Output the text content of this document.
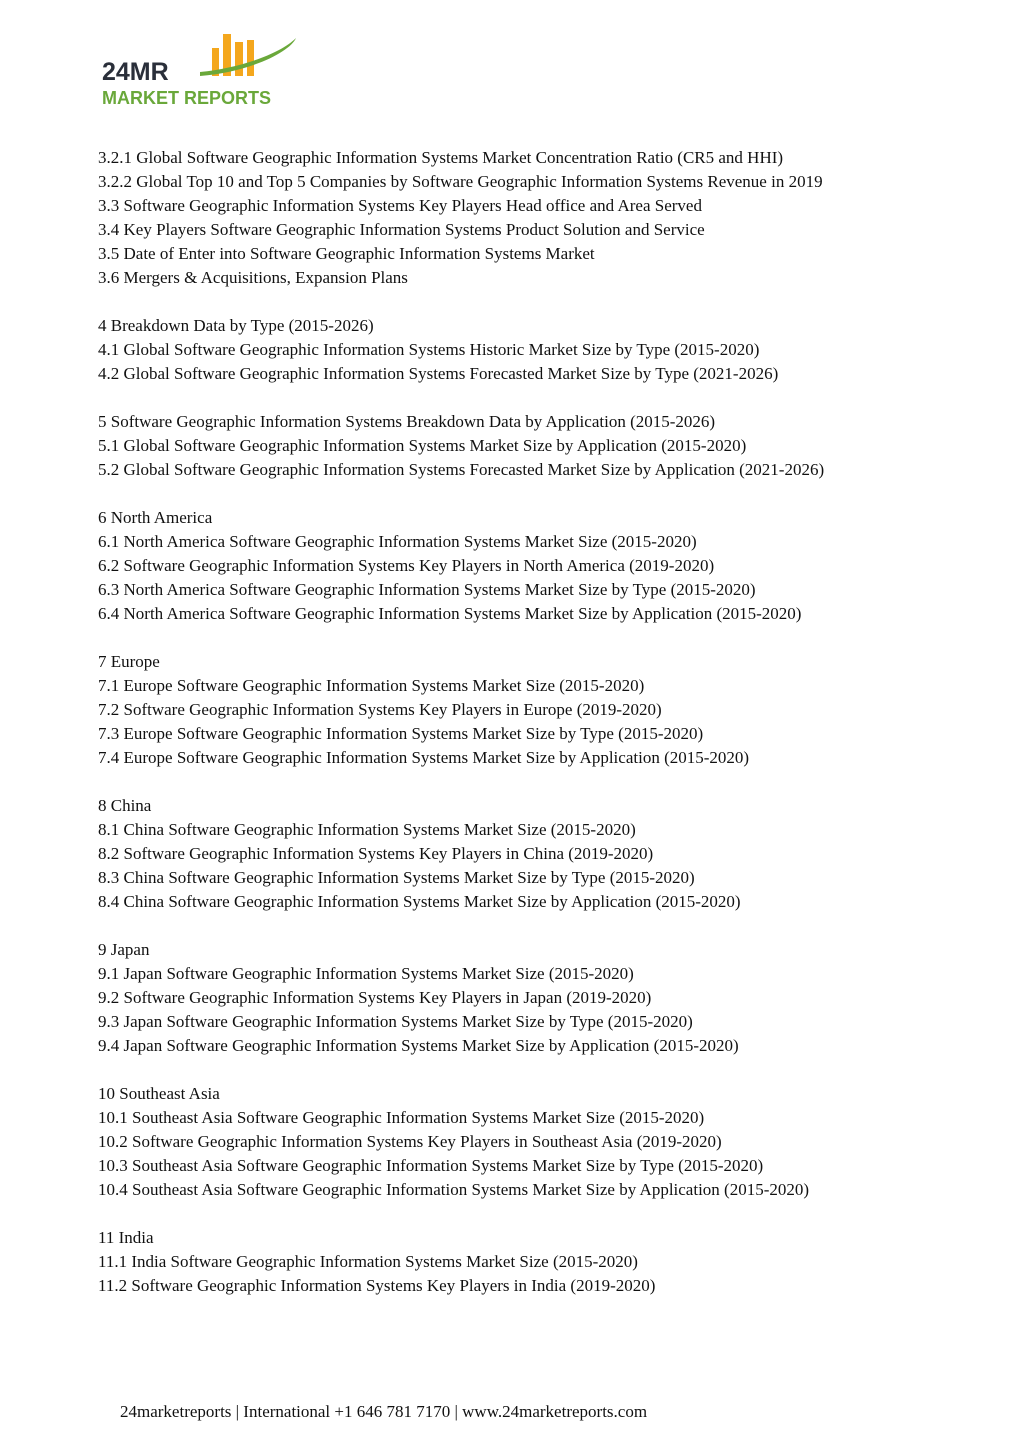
24MR
MARKET REPORTS
3.2.1 Global Software Geographic Information Systems Market Concentration Ratio (CR5 and HHI)
3.2.2 Global Top 10 and Top 5 Companies by Software Geographic Information Systems Revenue in 2019
3.3 Software Geographic Information Systems Key Players Head office and Area Served
3.4 Key Players Software Geographic Information Systems Product Solution and Service
3.5 Date of Enter into Software Geographic Information Systems Market
3.6 Mergers & Acquisitions, Expansion Plans
4 Breakdown Data by Type (2015-2026)
4.1 Global Software Geographic Information Systems Historic Market Size by Type (2015-2020)
4.2 Global Software Geographic Information Systems Forecasted Market Size by Type (2021-2026)
5 Software Geographic Information Systems Breakdown Data by Application (2015-2026)
5.1 Global Software Geographic Information Systems Market Size by Application (2015-2020)
5.2 Global Software Geographic Information Systems Forecasted Market Size by Application (2021-2026)
6 North America
6.1 North America Software Geographic Information Systems Market Size (2015-2020)
6.2 Software Geographic Information Systems Key Players in North America (2019-2020)
6.3 North America Software Geographic Information Systems Market Size by Type (2015-2020)
6.4 North America Software Geographic Information Systems Market Size by Application (2015-2020)
7 Europe
7.1 Europe Software Geographic Information Systems Market Size (2015-2020)
7.2 Software Geographic Information Systems Key Players in Europe (2019-2020)
7.3 Europe Software Geographic Information Systems Market Size by Type (2015-2020)
7.4 Europe Software Geographic Information Systems Market Size by Application (2015-2020)
8 China
8.1 China Software Geographic Information Systems Market Size (2015-2020)
8.2 Software Geographic Information Systems Key Players in China (2019-2020)
8.3 China Software Geographic Information Systems Market Size by Type (2015-2020)
8.4 China Software Geographic Information Systems Market Size by Application (2015-2020)
9 Japan
9.1 Japan Software Geographic Information Systems Market Size (2015-2020)
9.2 Software Geographic Information Systems Key Players in Japan (2019-2020)
9.3 Japan Software Geographic Information Systems Market Size by Type (2015-2020)
9.4 Japan Software Geographic Information Systems Market Size by Application (2015-2020)
10 Southeast Asia
10.1 Southeast Asia Software Geographic Information Systems Market Size (2015-2020)
10.2 Software Geographic Information Systems Key Players in Southeast Asia (2019-2020)
10.3 Southeast Asia Software Geographic Information Systems Market Size by Type (2015-2020)
10.4 Southeast Asia Software Geographic Information Systems Market Size by Application (2015-2020)
11 India
11.1 India Software Geographic Information Systems Market Size (2015-2020)
11.2 Software Geographic Information Systems Key Players in India (2019-2020)
24marketreports | International +1 646 781 7170 | www.24marketreports.com
